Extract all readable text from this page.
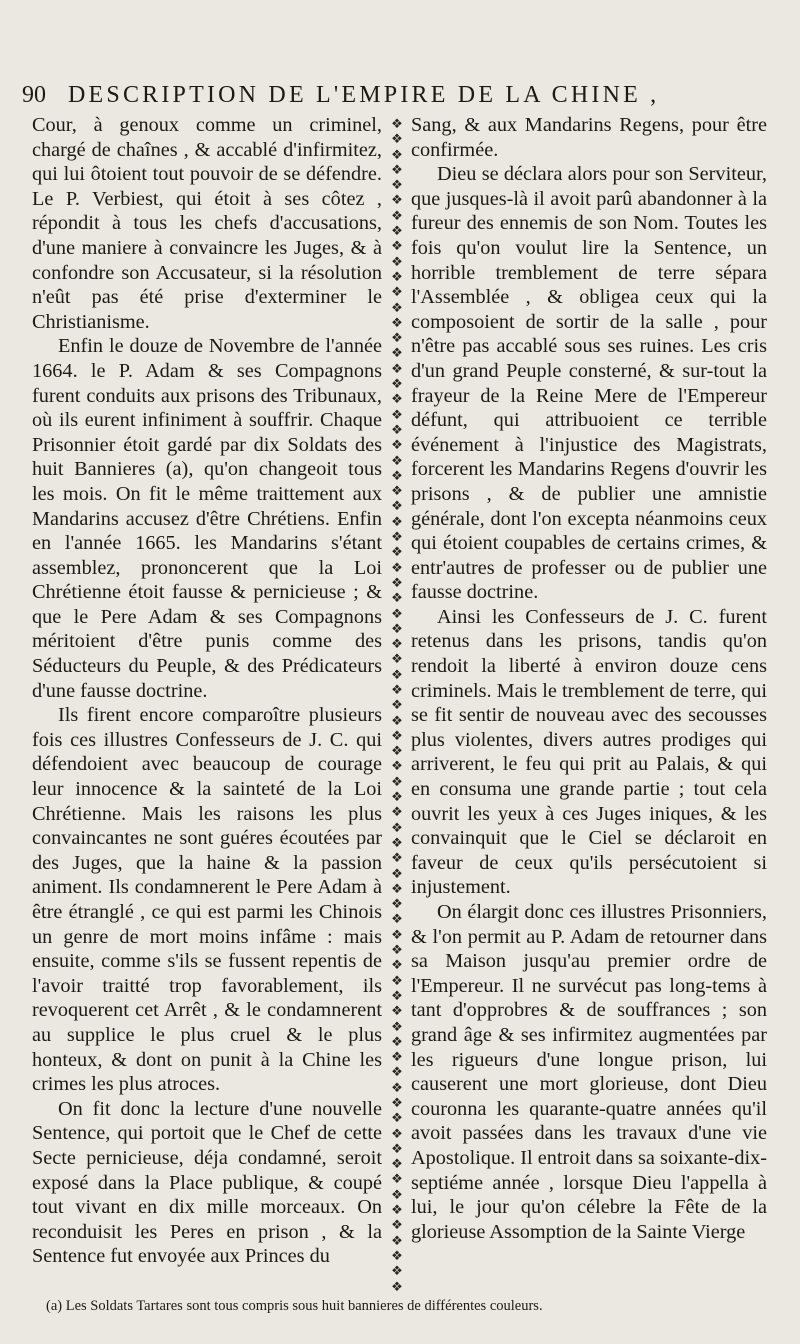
90 DESCRIPTION DE L'EMPIRE DE LA CHINE ,

Cour, à genoux comme un criminel, chargé de chaînes , & accablé d'infirmitez, qui lui ôtoient tout pouvoir de se défendre. Le P. Verbiest, qui étoit à ses côtez , répondit à tous les chefs d'accusations, d'une maniere à convaincre les Juges, & à confondre son Accusateur, si la résolution n'eût pas été prise d'exterminer le Christianisme.

Enfin le douze de Novembre de l'année 1664. le P. Adam & ses Compagnons furent conduits aux prisons des Tribunaux, où ils eurent infiniment à souffrir. Chaque Prisonnier étoit gardé par dix Soldats des huit Bannieres (a), qu'on changeoit tous les mois. On fit le même traittement aux Mandarins accusez d'être Chrétiens. Enfin en l'année 1665. les Mandarins s'étant assemblez, prononcerent que la Loi Chrétienne étoit fausse & pernicieuse ; & que le Pere Adam & ses Compagnons méritoient d'être punis comme des Séducteurs du Peuple, & des Prédicateurs d'une fausse doctrine.

Ils firent encore comparoître plusieurs fois ces illustres Confesseurs de J. C. qui défendoient avec beaucoup de courage leur innocence & la sainteté de la Loi Chrétienne. Mais les raisons les plus convaincantes ne sont guéres écoutées par des Juges, que la haine & la passion animent. Ils condamnerent le Pere Adam à être étranglé , ce qui est parmi les Chinois un genre de mort moins infâme : mais ensuite, comme s'ils se fussent repentis de l'avoir traitté trop favorablement, ils revoquerent cet Arrêt , & le condamnerent au supplice le plus cruel & le plus honteux, & dont on punit à la Chine les crimes les plus atroces.

On fit donc la lecture d'une nouvelle Sentence, qui portoit que le Chef de cette Secte pernicieuse, déja condamné, seroit exposé dans la Place publique, & coupé tout vivant en dix mille morceaux. On reconduisit les Peres en prison , & la Sentence fut envoyée aux Princes du

❖
❖
❖
❖
❖
❖
❖
❖
❖
❖
❖
❖
❖
❖
❖
❖
❖
❖
❖
❖
❖
❖
❖
❖
❖
❖
❖
❖
❖
❖
❖
❖
❖
❖
❖
❖
❖
❖
❖
❖
❖
❖
❖
❖
❖
❖
❖
❖
❖
❖
❖
❖
❖
❖
❖
❖
❖
❖
❖
❖
❖
❖
❖
❖
❖
❖
❖
❖
❖
❖
❖
❖
❖
❖
❖
❖
❖

Sang, & aux Mandarins Regens, pour être confirmée.

Dieu se déclara alors pour son Serviteur, que jusques-là il avoit parû abandonner à la fureur des ennemis de son Nom. Toutes les fois qu'on voulut lire la Sentence, un horrible tremblement de terre sépara l'Assemblée , & obligea ceux qui la composoient de sortir de la salle , pour n'être pas accablé sous ses ruines. Les cris d'un grand Peuple consterné, & sur-tout la frayeur de la Reine Mere de l'Empereur défunt, qui attribuoient ce terrible événement à l'injustice des Magistrats, forcerent les Mandarins Regens d'ouvrir les prisons , & de publier une amnistie générale, dont l'on excepta néanmoins ceux qui étoient coupables de certains crimes, & entr'autres de professer ou de publier une fausse doctrine.

Ainsi les Confesseurs de J. C. furent retenus dans les prisons, tandis qu'on rendoit la liberté à environ douze cens criminels. Mais le tremblement de terre, qui se fit sentir de nouveau avec des secousses plus violentes, divers autres prodiges qui arriverent, le feu qui prit au Palais, & qui en consuma une grande partie ; tout cela ouvrit les yeux à ces Juges iniques, & les convainquit que le Ciel se déclaroit en faveur de ceux qu'ils persécutoient si injustement.

On élargit donc ces illustres Prisonniers, & l'on permit au P. Adam de retourner dans sa Maison jusqu'au premier ordre de l'Empereur. Il ne survécut pas long-tems à tant d'opprobres & de souffrances ; son grand âge & ses infirmitez augmentées par les rigueurs d'une longue prison, lui causerent une mort glorieuse, dont Dieu couronna les quarante-quatre années qu'il avoit passées dans les travaux d'une vie Apostolique. Il entroit dans sa soixante-dix-septiéme année , lorsque Dieu l'appella à lui, le jour qu'on célebre la Fête de la glorieuse Assomption de la Sainte Vierge

(a) Les Soldats Tartares sont tous compris sous huit bannieres de différentes couleurs.
